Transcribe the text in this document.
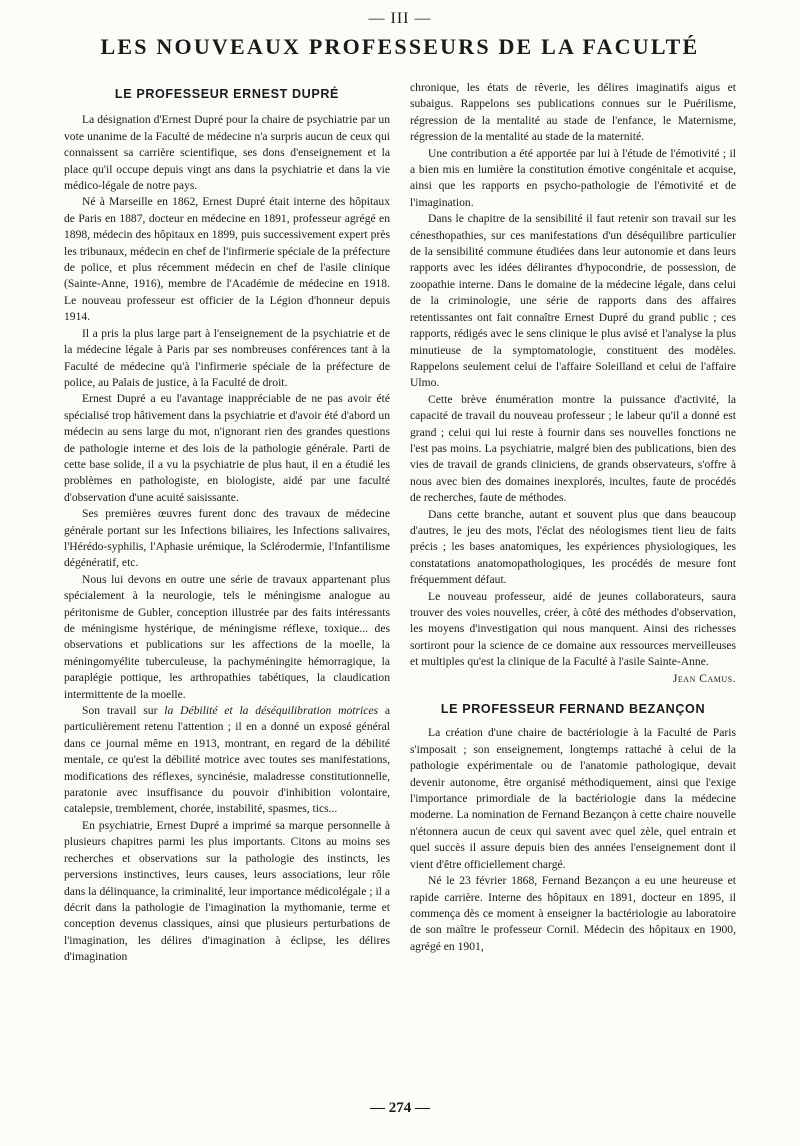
— III —
LES NOUVEAUX PROFESSEURS DE LA FACULTÉ
LE PROFESSEUR ERNEST DUPRÉ

La désignation d'Ernest Dupré pour la chaire de psychiatrie par un vote unanime de la Faculté de médecine n'a surpris aucun de ceux qui connaissent sa carrière scientifique, ses dons d'enseignement et la place qu'il occupe depuis vingt ans dans la psychiatrie et dans la vie médico-légale de notre pays.

Né à Marseille en 1862, Ernest Dupré était interne des hôpitaux de Paris en 1887, docteur en médecine en 1891, professeur agrégé en 1898, médecin des hôpitaux en 1899, puis successivement expert près les tribunaux, médecin en chef de l'infirmerie spéciale de la préfecture de police, et plus récemment médecin en chef de l'asile clinique (Sainte-Anne, 1916), membre de l'Académie de médecine en 1918. Le nouveau professeur est officier de la Légion d'honneur depuis 1914.

Il a pris la plus large part à l'enseignement de la psychiatrie et de la médecine légale à Paris par ses nombreuses conférences tant à la Faculté de médecine qu'à l'infirmerie spéciale de la préfecture de police, au Palais de justice, à la Faculté de droit.

Ernest Dupré a eu l'avantage inappréciable de ne pas avoir été spécialisé trop hâtivement dans la psychiatrie et d'avoir été d'abord un médecin au sens large du mot, n'ignorant rien des grandes questions de pathologie interne et des lois de la pathologie générale. Parti de cette base solide, il a vu la psychiatrie de plus haut, il en a étudié les problèmes en pathologiste, en biologiste, aidé par une faculté d'observation d'une acuité saisissante.

Ses premières œuvres furent donc des travaux de médecine générale portant sur les Infections biliaires, les Infections salivaires, l'Hérédo-syphilis, l'Aphasie urémique, la Sclérodermie, l'Infantilisme dégénératif, etc.

Nous lui devons en outre une série de travaux appartenant plus spécialement à la neurologie, tels le méningisme analogue au péritonisme de Gubler, conception illustrée par des faits intéressants de méningisme hystérique, de méningisme réflexe, toxique... des observations et publications sur les affections de la moelle, la méningomyélite tuberculeuse, la pachyméningite hémorragique, la paraplégie pottique, les arthropathies tabétiques, la claudication intermittente de la moelle.

Son travail sur la Débilité et la déséquilibration motrices a particulièrement retenu l'attention ; il en a donné un exposé général dans ce journal même en 1913, montrant, en regard de la débilité mentale, ce qu'est la débilité motrice avec toutes ses manifestations, modifications des réflexes, syncinésie, maladresse constitutionnelle, paratonie avec insuffisance du pouvoir d'inhibition volontaire, catalepsie, tremblement, chorée, instabilité, spasmes, tics...

En psychiatrie, Ernest Dupré a imprimé sa marque personnelle à plusieurs chapitres parmi les plus importants. Citons au moins ses recherches et observations sur la pathologie des instincts, les perversions instinctives, leurs causes, leurs associations, leur rôle dans la délinquance, la criminalité, leur importance médicolégale ; il a décrit dans la pathologie de l'imagination la mythomanie, terme et conception devenus classiques, ainsi que plusieurs perturbations de l'imagination, les délires d'imagination à éclipse, les délires d'imagination

chronique, les états de rêverie, les délires imaginatifs aigus et subaigus. Rappelons ses publications connues sur le Puérilisme, régression de la mentalité au stade de l'enfance, le Maternisme, régression de la mentalité au stade de la maternité.

Une contribution a été apportée par lui à l'étude de l'émotivité ; il a bien mis en lumière la constitution émotive congénitale et acquise, ainsi que les rapports en psycho-pathologie de l'émotivité et de l'imagination.

Dans le chapitre de la sensibilité il faut retenir son travail sur les cénesthopathies, sur ces manifestations d'un déséquilibre particulier de la sensibilité commune étudiées dans leur autonomie et dans leurs rapports avec les idées délirantes d'hypocondrie, de possession, de zoopathie interne. Dans le domaine de la médecine légale, dans celui de la criminologie, une série de rapports dans des affaires retentissantes ont fait connaître Ernest Dupré du grand public ; ces rapports, rédigés avec le sens clinique le plus avisé et l'analyse la plus minutieuse de la symptomatologie, constituent des modèles. Rappelons seulement celui de l'affaire Soleilland et celui de l'affaire Ulmo.

Cette brève énumération montre la puissance d'activité, la capacité de travail du nouveau professeur ; le labeur qu'il a donné est grand ; celui qui lui reste à fournir dans ses nouvelles fonctions ne l'est pas moins. La psychiatrie, malgré bien des publications, bien des vies de travail de grands cliniciens, de grands observateurs, s'offre à nous avec bien des domaines inexplorés, incultes, faute de procédés de recherches, faute de méthodes.

Dans cette branche, autant et souvent plus que dans beaucoup d'autres, le jeu des mots, l'éclat des néologismes tient lieu de faits précis ; les bases anatomiques, les expériences physiologiques, les constatations anatomopathologiques, les procédés de mesure font fréquemment défaut.

Le nouveau professeur, aidé de jeunes collaborateurs, saura trouver des voies nouvelles, créer, à côté des méthodes d'observation, les moyens d'investigation qui nous manquent. Ainsi des richesses sortiront pour la science de ce domaine aux ressources merveilleuses et multiples qu'est la clinique de la Faculté à l'asile Sainte-Anne.

Jean Camus.
LE PROFESSEUR FERNAND BEZANÇON

La création d'une chaire de bactériologie à la Faculté de Paris s'imposait ; son enseignement, longtemps rattaché à celui de la pathologie expérimentale ou de l'anatomie pathologique, devait devenir autonome, être organisé méthodiquement, ainsi que l'exige l'importance primordiale de la bactériologie dans la médecine moderne. La nomination de Fernand Bezançon à cette chaire nouvelle n'étonnera aucun de ceux qui savent avec quel zèle, quel entrain et quel succès il assure depuis bien des années l'enseignement dont il vient d'être officiellement chargé.

Né le 23 février 1868, Fernand Bezançon a eu une heureuse et rapide carrière. Interne des hôpitaux en 1891, docteur en 1895, il commença dès ce moment à enseigner la bactériologie au laboratoire de son maître le professeur Cornil. Médecin des hôpitaux en 1900, agrégé en 1901,

— 274 —
